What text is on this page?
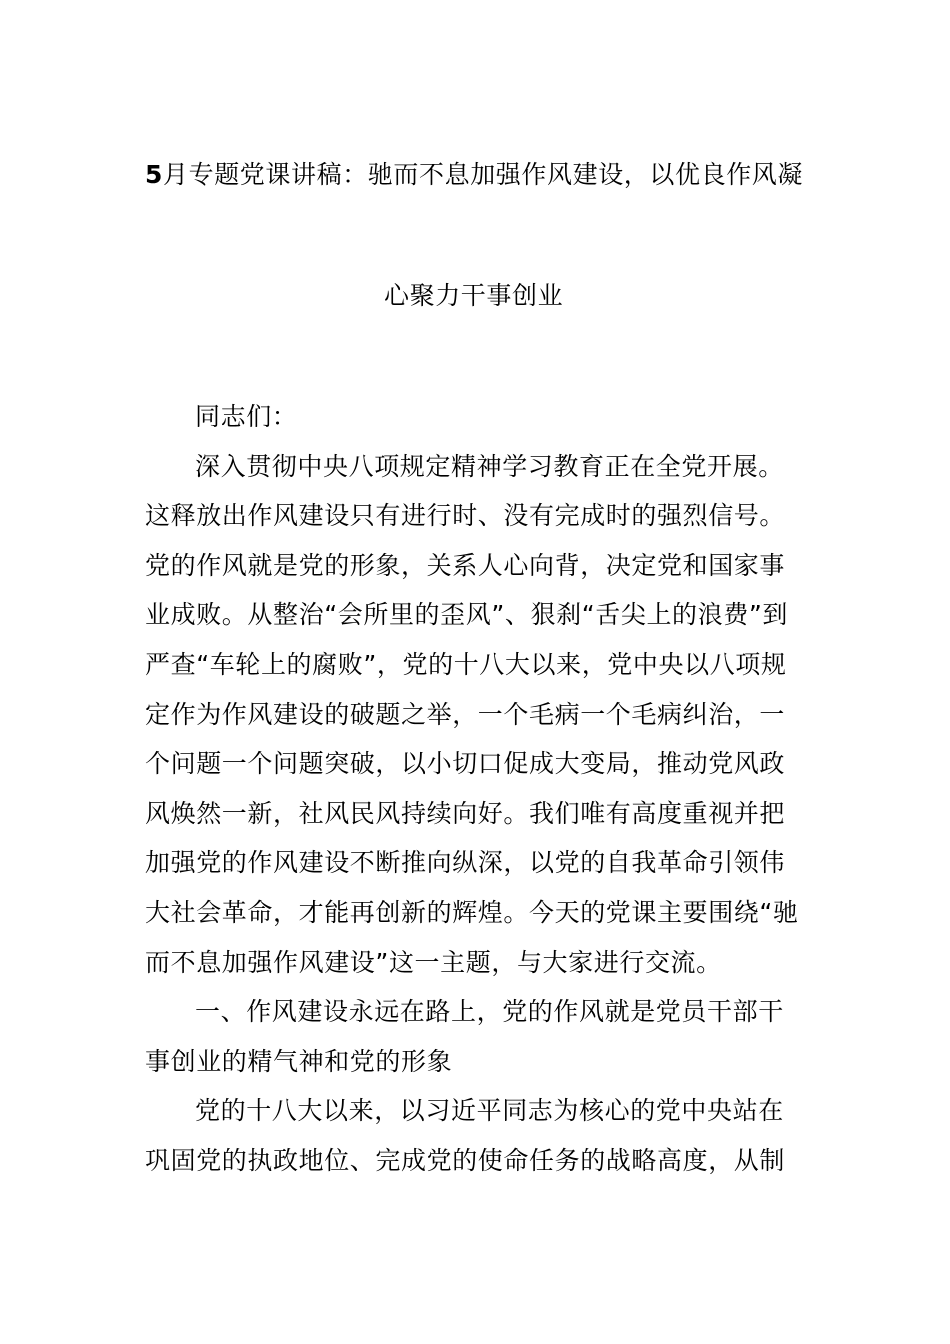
5月专题党课讲稿：驰而不息加强作风建设，以优良作风凝
心聚力干事创业
同志们：
深入贯彻中央八项规定精神学习教育正在全党开展。
这释放出作风建设只有进行时、没有完成时的强烈信号。
党的作风就是党的形象，关系人心向背，决定党和国家事
业成败。从整治“会所里的歪风”、狠刹“舌尖上的浪费”到
严查“车轮上的腐败”，党的十八大以来，党中央以八项规
定作为作风建设的破题之举，一个毛病一个毛病纠治，一
个问题一个问题突破，以小切口促成大变局，推动党风政
风焕然一新，社风民风持续向好。我们唯有高度重视并把
加强党的作风建设不断推向纵深，以党的自我革命引领伟
大社会革命，才能再创新的辉煌。今天的党课主要围绕“驰
而不息加强作风建设”这一主题，与大家进行交流。
一、作风建设永远在路上，党的作风就是党员干部干
事创业的精气神和党的形象
党的十八大以来，以习近平同志为核心的党中央站在
巩固党的执政地位、完成党的使命任务的战略高度，从制
